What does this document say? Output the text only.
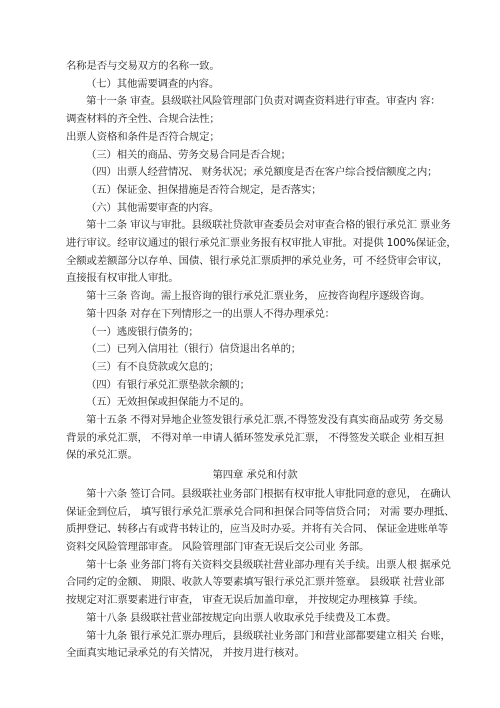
名称是否与交易双方的名称一致。

（七）其他需要调查的内容。

第十一条 审查。县级联社风险管理部门负责对调查资料进行审查。审查内 容：

调查材料的齐全性、合规合法性；

出票人资格和条件是否符合规定；

（三）相关的商品、劳务交易合同是否合规；

（四）出票人经营情况、 财务状况；承兑额度是否在客户综合授信额度之内；

（五）保证金、担保措施是否符合规定，是否落实；

（六）其他需要审查的内容。

第十二条 审议与审批。县级联社贷款审查委员会对审查合格的银行承兑汇 票业务

进行审议。经审议通过的银行承兑汇票业务报有权审批人审批。对提供 100%保证金，

全额或差额部分以存单、国债、银行承兑汇票质押的承兑业务，可 不经贷审会审议，

直接报有权审批人审批。

第十三条 咨询。需上报咨询的银行承兑汇票业务， 应按咨询程序逐级咨询。

第十四条 对存在下列情形之一的出票人不得办理承兑：

（一）逃废银行债务的；

（二）已列入信用社（银行）信贷退出名单的；

（三）有不良贷款或欠息的；

（四）有银行承兑汇票垫款余额的；

（五）无效担保或担保能力不足的。

第十五条 不得对异地企业签发银行承兑汇票,不得签发没有真实商品或劳 务交易

背景的承兑汇票， 不得对单一申请人循环签发承兑汇票， 不得签发关联企 业相互担

保的承兑汇票。

第四章 承兑和付款

第十六条 签订合同。县级联社业务部门根据有权审批人审批同意的意见， 在确认

保证金到位后， 填写银行承兑汇票承兑合同和担保合同等信贷合同； 对需 要办理抵、

质押登记、转移占有或背书转让的，应当及时办妥。并将有关合同、 保证金进账单等

资料交风险管理部审查。 风险管理部门审查无误后交公司业 务部。

第十七条 业务部门将有关资料交县级联社营业部办理有关手续。出票人根 据承兑

合同约定的金额、 期限、收款人等要素填写银行承兑汇票并签章。 县级联 社营业部

按规定对汇票要素进行审查， 审查无误后加盖印章， 并按规定办理核算 手续。

第十八条 县级联社营业部按规定向出票人收取承兑手续费及工本费。

第十九条 银行承兑汇票办理后，县级联社业务部门和营业部都要建立相关 台账，

全面真实地记录承兑的有关情况， 并按月进行核对。
